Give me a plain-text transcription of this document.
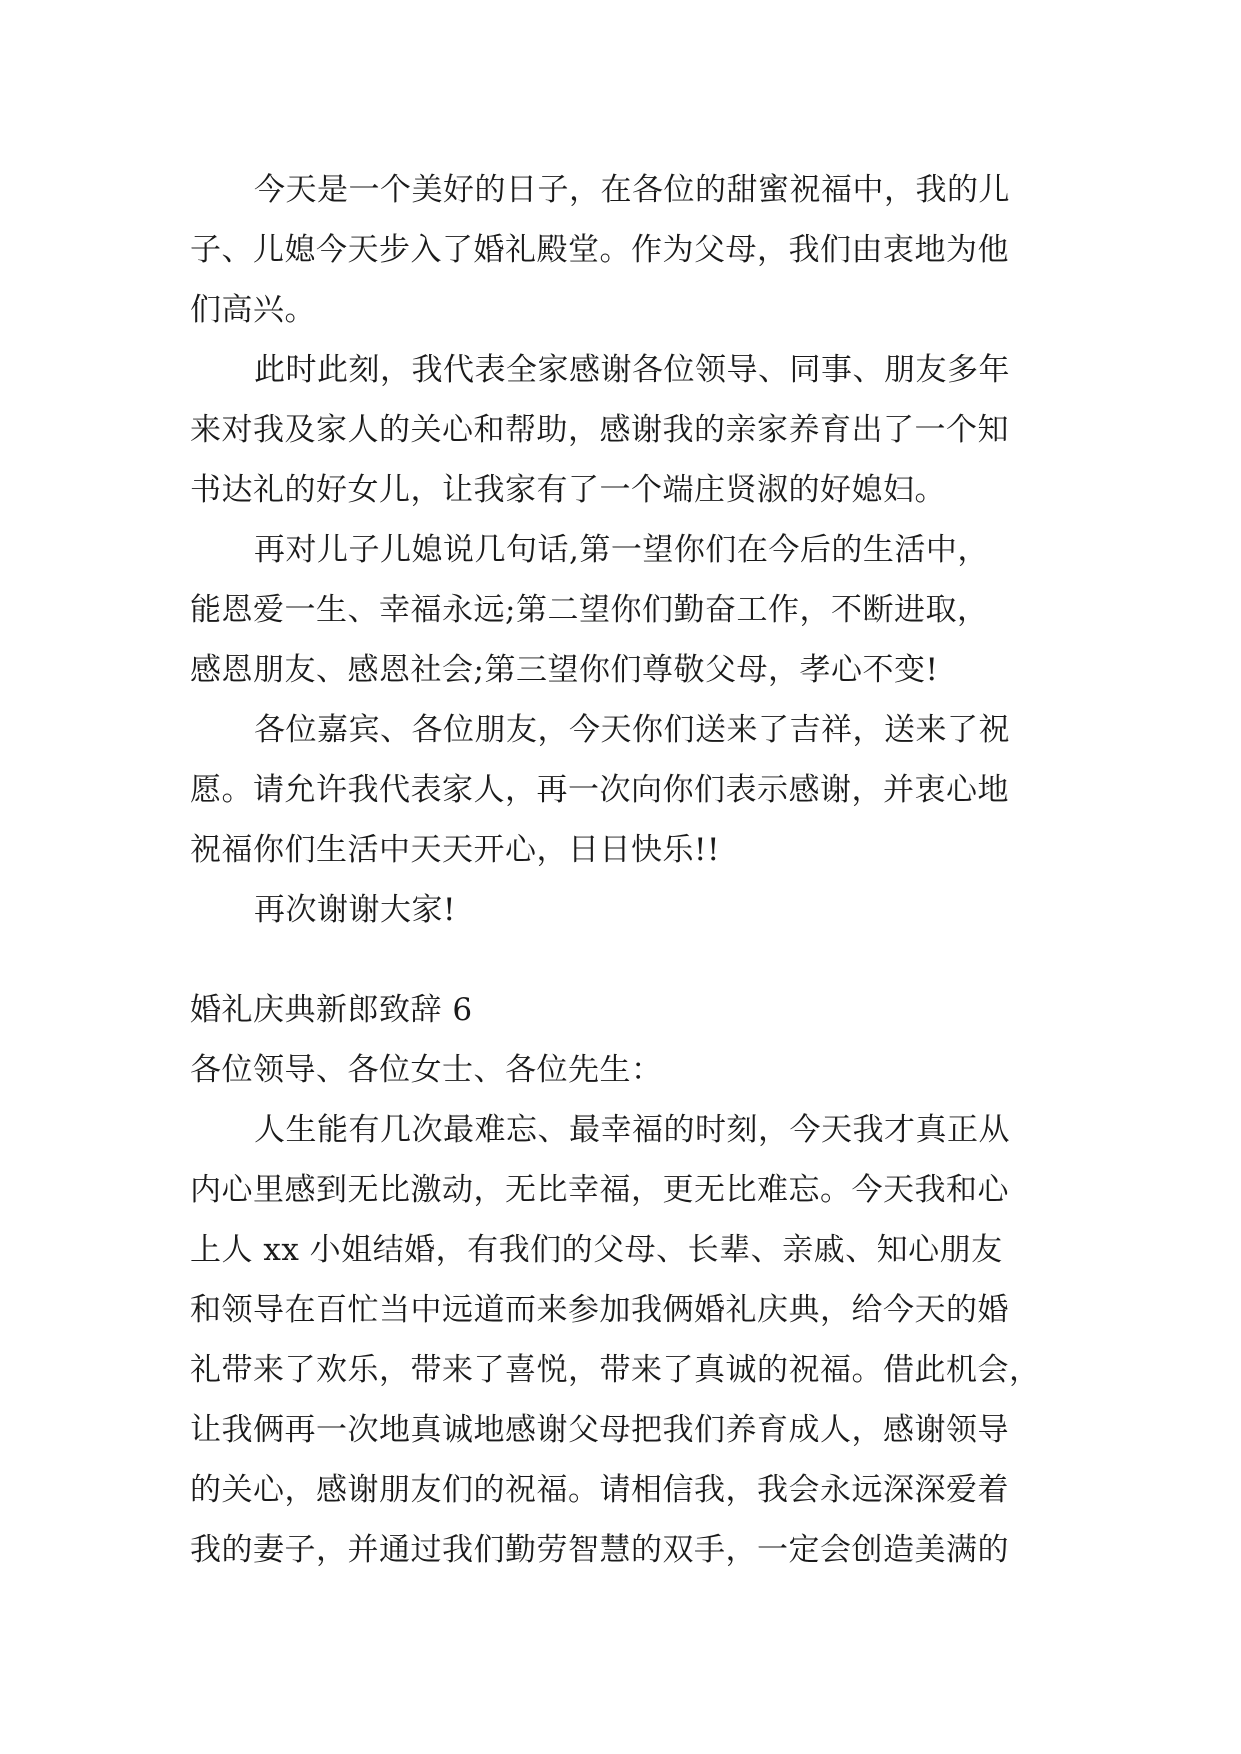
今天是一个美好的日子，在各位的甜蜜祝福中，我的儿
子、儿媳今天步入了婚礼殿堂。作为父母，我们由衷地为他
们高兴。
此时此刻，我代表全家感谢各位领导、同事、朋友多年
来对我及家人的关心和帮助，感谢我的亲家养育出了一个知
书达礼的好女儿，让我家有了一个端庄贤淑的好媳妇。
再对儿子儿媳说几句话,第一望你们在今后的生活中，
能恩爱一生、幸福永远;第二望你们勤奋工作，不断进取，
感恩朋友、感恩社会;第三望你们尊敬父母，孝心不变!
各位嘉宾、各位朋友，今天你们送来了吉祥，送来了祝
愿。请允许我代表家人，再一次向你们表示感谢，并衷心地
祝福你们生活中天天开心，日日快乐!!
再次谢谢大家!
婚礼庆典新郎致辞 6
各位领导、各位女士、各位先生：
人生能有几次最难忘、最幸福的时刻，今天我才真正从
内心里感到无比激动，无比幸福，更无比难忘。今天我和心
上人 xx 小姐结婚，有我们的父母、长辈、亲戚、知心朋友
和领导在百忙当中远道而来参加我俩婚礼庆典，给今天的婚
礼带来了欢乐，带来了喜悦，带来了真诚的祝福。借此机会，
让我俩再一次地真诚地感谢父母把我们养育成人，感谢领导
的关心，感谢朋友们的祝福。请相信我，我会永远深深爱着
我的妻子，并通过我们勤劳智慧的双手，一定会创造美满的
